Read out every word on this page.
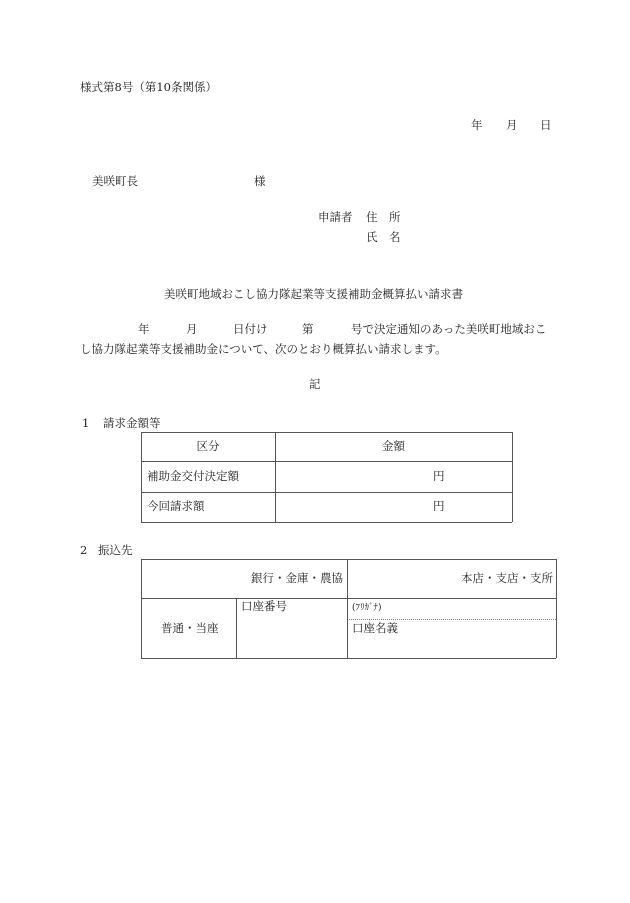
様式第8号（第10条関係）
年 月 日
美咲町長	様
申請者 住　所
氏　名
美咲町地域おこし協力隊起業等支援補助金概算払い請求書
年	月	日付け	第	号で決定通知のあった美咲町地域おこ
し協力隊起業等支援補助金について、次のとおり概算払い請求します。
記
1 請求金額等
区分	金額
補助金交付決定額	円
今回請求額	円
2 振込先
銀行・金庫・農協	本店・支店・支所
普通・当座
口座番号	(ﾌﾘｶﾞﾅ)
口座名義
